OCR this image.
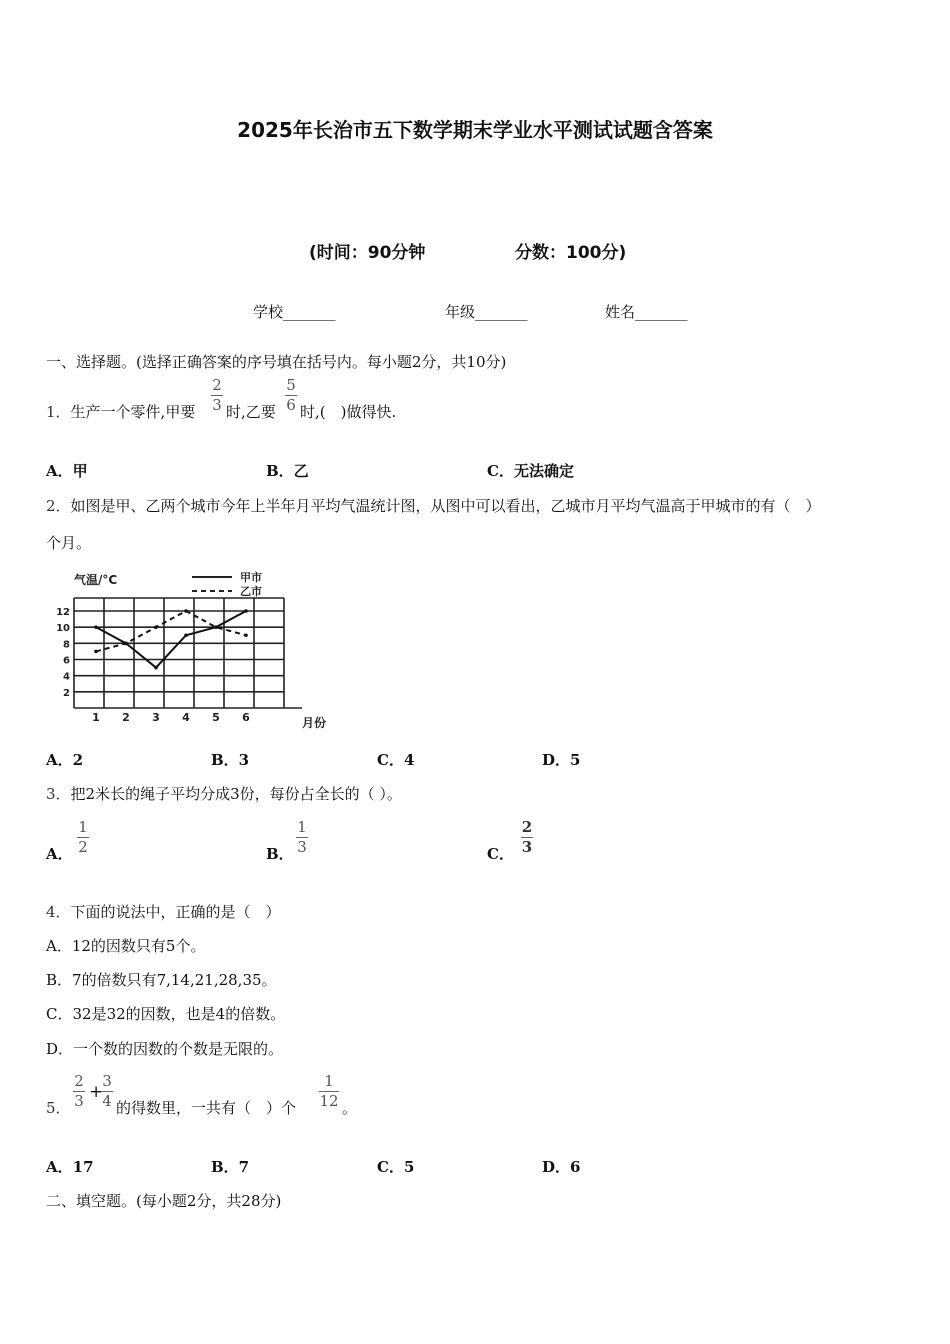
2025年长治市五下数学期末学业水平测试试题含答案
(时间：90分钟	分数：100分)
学校_______	年级_______	姓名_______
一、选择题。(选择正确答案的序号填在括号内。每小题2分，共10分)
1．生产一个零件,甲要
2
3 时,乙要
5
6 时,(　)做得快.
A．甲	B．乙	C．无法确定
2．如图是甲、乙两个城市今年上半年月平均气温统计图，从图中可以看出，乙城市月平均气温高于甲城市的有（　）
个月。
气温/°C	甲市
乙市
2
4
6
8
10
12
1 2 3 4 5 6	月份
A．2	B．3	C．4	D．5
3．把2米长的绳子平均分成3份，每份占全长的（ ）。
A．
1
2	B．
1
3	C．
2
3
4．下面的说法中，正确的是（　）
A．12的因数只有5个。
B．7的倍数只有7,14,21,28,35。
C．32是32的因数，也是4的倍数。
D．一个数的因数的个数是无限的。
5．
2
3 +
3
4 的得数里，一共有（　）个
1
12 。
A．17	B．7	C．5	D．6
二、填空题。(每小题2分，共28分)
